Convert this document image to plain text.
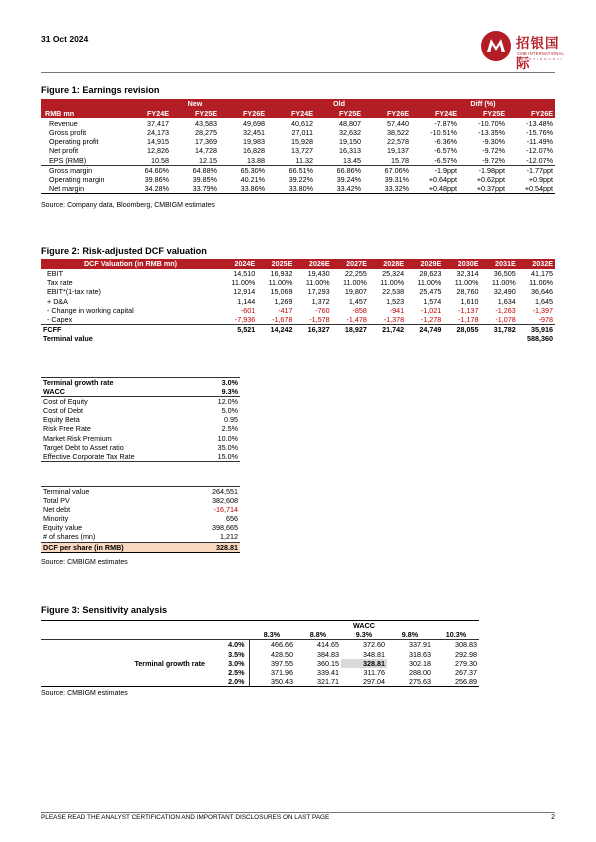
31 Oct 2024	招银国际
CMB INTERNATIONAL
Z H A O Y I N G U O J I
Figure 1: Earnings revision
	New			Old			Diff (%)		
RMB mn	FY24E	FY25E	FY26E	FY24E	FY25E	FY26E	FY24E	FY25E	FY26E
Revenue	37,417	43,583	49,698	40,612	48,807	57,440	-7.87%	-10.70%	-13.48%
Gross profit	24,173	28,275	32,451	27,011	32,632	38,522	-10.51%	-13.35%	-15.76%
Operating profit	14,915	17,369	19,983	15,928	19,150	22,578	-6.36%	-9.30%	-11.49%
Net profit	12,826	14,728	16,828	13,727	16,313	19,137	-6.57%	-9.72%	-12.07%
EPS (RMB)	10.58	12.15	13.88	11.32	13.45	15.78	-6.57%	-9.72%	-12.07%
Gross margin	64.60%	64.88%	65.30%	66.51%	66.86%	67.06%	-1.9ppt	-1.98ppt	-1.77ppt
Operating margin	39.86%	39.85%	40.21%	39.22%	39.24%	39.31%	+0.64ppt	+0.62ppt	+0.9ppt
Net margin	34.28%	33.79%	33.86%	33.80%	33.42%	33.32%	+0.48ppt	+0.37ppt	+0.54ppt
Source: Company data, Bloomberg, CMBIGM estimates
Figure 2: Risk-adjusted DCF valuation
DCF Valuation (in RMB mn)	2024E	2025E	2026E	2027E	2028E	2029E	2030E	2031E	2032E
EBIT	14,510	16,932	19,430	22,255	25,324	28,623	32,314	36,505	41,175
Tax rate	11.00%	11.00%	11.00%	11.00%	11.00%	11.00%	11.00%	11.00%	11.00%
EBIT*(1-tax rate)	12,914	15,069	17,293	19,807	22,538	25,475	28,760	32,490	36,646
+ D&A	1,144	1,269	1,372	1,457	1,523	1,574	1,610	1,634	1,645
- Change in working capital	-601	-417	-760	-858	-941	-1,021	-1,137	-1,263	-1,397
- Capex	-7,936	-1,678	-1,578	-1,478	-1,378	-1,278	-1,178	-1,078	-978
FCFF	5,521	14,242	16,327	18,927	21,742	24,749	28,055	31,782	35,916
Terminal value									588,360
Terminal growth rate	3.0%
WACC	9.3%
Cost of Equity	12.0%
Cost of Debt	5.0%
Equity Beta	0.95
Risk Free Rate	2.5%
Market Risk Premium	10.0%
Target Debt to Asset ratio	35.0%
Effective Corporate Tax Rate	15.0%
Terminal value	264,551
Total PV	382,608
Net debt	-16,714
Minority	656
Equity value	398,665
# of shares (mn)	1,212
DCF per share (in RMB)	328.81
Source: CMBIGM estimates
Figure 3: Sensitivity analysis
		WACC				
		8.3%	8.8%	9.3%	9.8%	10.3%
	4.0%	466.66	414.65	372.60	337.91	308.83
	3.5%	428.50	384.83	348.81	318.63	292.98
Terminal growth rate	3.0%	397.55	360.15	328.81	302.18	279.30
	2.5%	371.96	339.41	311.76	288.00	267.37
	2.0%	350.43	321.71	297.04	275.63	256.89
Source: CMBIGM estimates
PLEASE READ THE ANALYST CERTIFICATION AND IMPORTANT DISCLOSURES ON LAST PAGE	2
